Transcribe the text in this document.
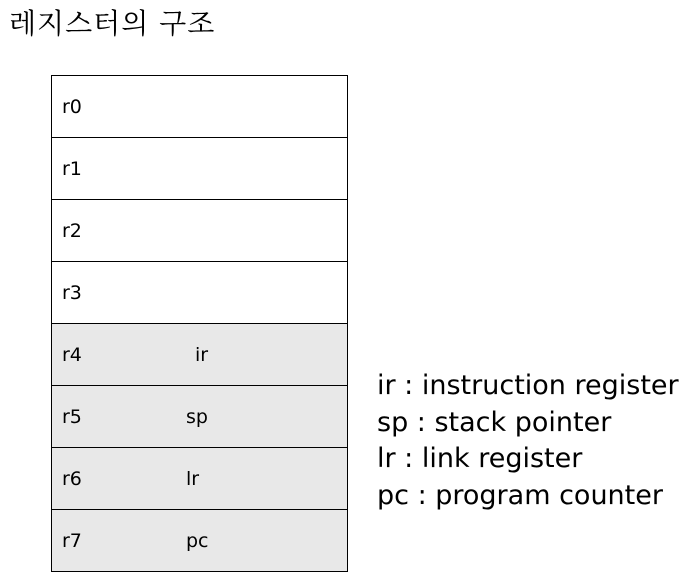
레지스터의 구조
r0
r1
r2
r3
r4	ir
r5	sp
r6	lr
r7	pc
ir : instruction register
sp : stack pointer
lr : link register
pc : program counter
